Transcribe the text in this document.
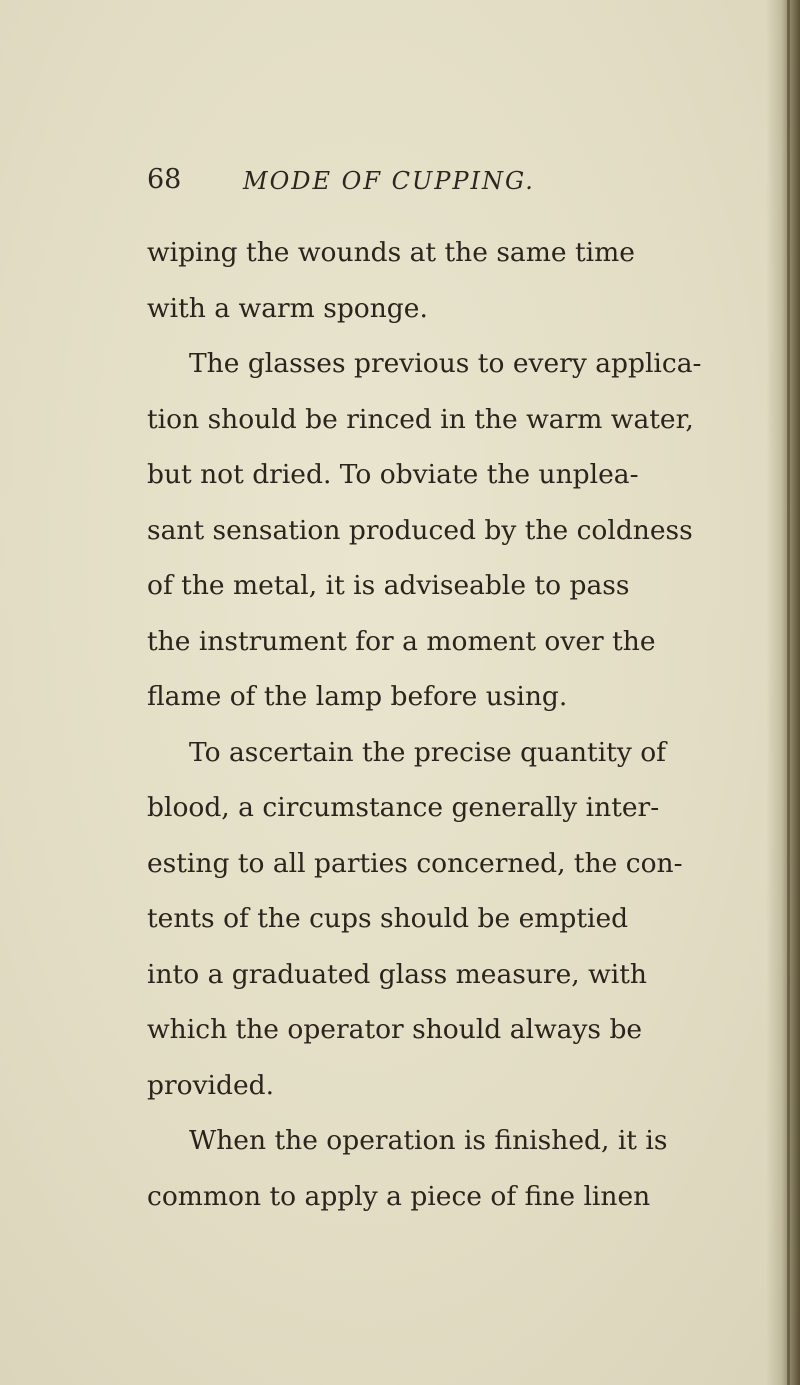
68	MODE OF CUPPING.
wiping the wounds at the same time
with a warm sponge.
The glasses previous to every applica-
tion should be rinced in the warm water,
but not dried. To obviate the unplea-
sant sensation produced by the coldness
of the metal, it is adviseable to pass
the instrument for a moment over the
flame of the lamp before using.
To ascertain the precise quantity of
blood, a circumstance generally inter-
esting to all parties concerned, the con-
tents of the cups should be emptied
into a graduated glass measure, with
which the operator should always be
provided.
When the operation is finished, it is
common to apply a piece of fine linen
